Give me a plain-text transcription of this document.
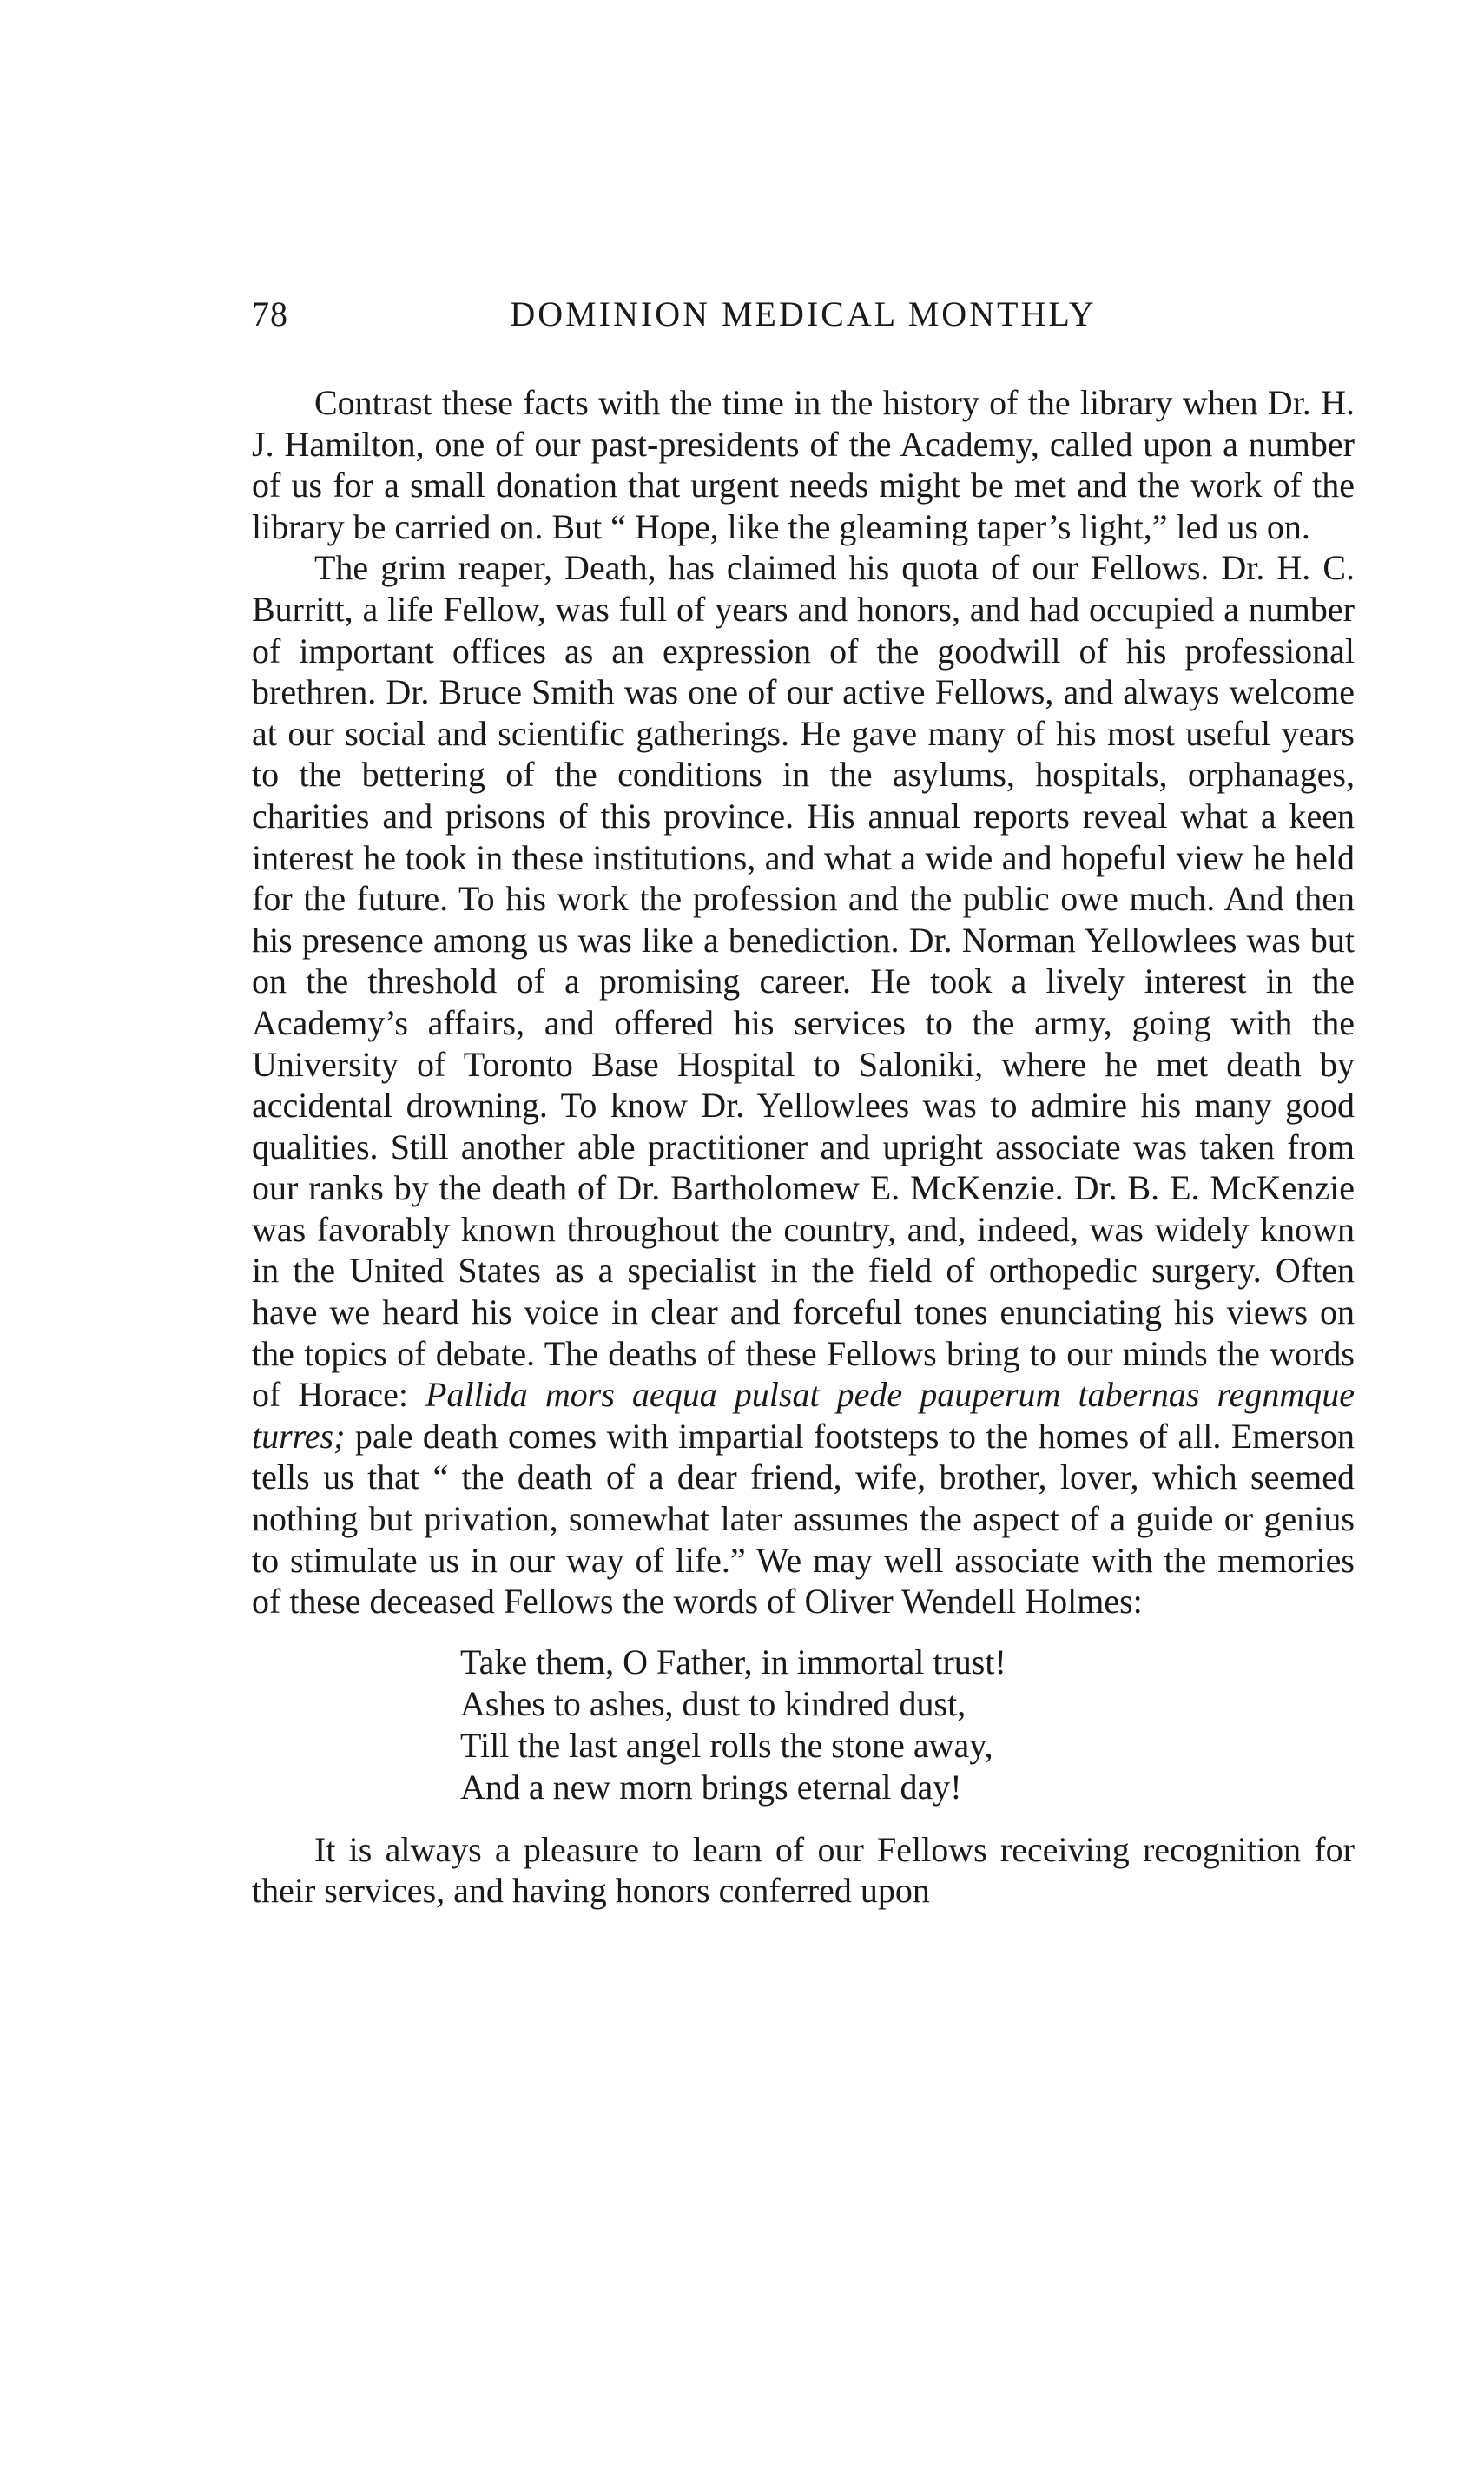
78	DOMINION MEDICAL MONTHLY

Contrast these facts with the time in the history of the library when Dr. H. J. Hamilton, one of our past-presidents of the Academy, called upon a number of us for a small donation that urgent needs might be met and the work of the library be carried on. But “ Hope, like the gleaming taper’s light,” led us on.

The grim reaper, Death, has claimed his quota of our Fellows. Dr. H. C. Burritt, a life Fellow, was full of years and honors, and had occupied a number of important offices as an expression of the goodwill of his professional brethren. Dr. Bruce Smith was one of our active Fellows, and always welcome at our social and scientific gatherings. He gave many of his most useful years to the bettering of the conditions in the asylums, hospitals, orphanages, charities and prisons of this province. His annual reports reveal what a keen interest he took in these institutions, and what a wide and hopeful view he held for the future. To his work the profession and the public owe much. And then his presence among us was like a benediction. Dr. Norman Yellowlees was but on the threshold of a promising career. He took a lively interest in the Academy’s affairs, and offered his services to the army, going with the University of Toronto Base Hospital to Saloniki, where he met death by accidental drowning. To know Dr. Yellowlees was to admire his many good qualities. Still another able practitioner and upright associate was taken from our ranks by the death of Dr. Bartholomew E. McKenzie. Dr. B. E. McKenzie was favorably known throughout the country, and, indeed, was widely known in the United States as a specialist in the field of orthopedic surgery. Often have we heard his voice in clear and forceful tones enunciating his views on the topics of debate. The deaths of these Fellows bring to our minds the words of Horace: Pallida mors aequa pulsat pede pauperum tabernas regnmque turres; pale death comes with impartial footsteps to the homes of all. Emerson tells us that “ the death of a dear friend, wife, brother, lover, which seemed nothing but privation, somewhat later assumes the aspect of a guide or genius to stimulate us in our way of life.” We may well associate with the memories of these deceased Fellows the words of Oliver Wendell Holmes:

Take them, O Father, in immortal trust!
Ashes to ashes, dust to kindred dust,
Till the last angel rolls the stone away,
And a new morn brings eternal day!

It is always a pleasure to learn of our Fellows receiving recognition for their services, and having honors conferred upon
